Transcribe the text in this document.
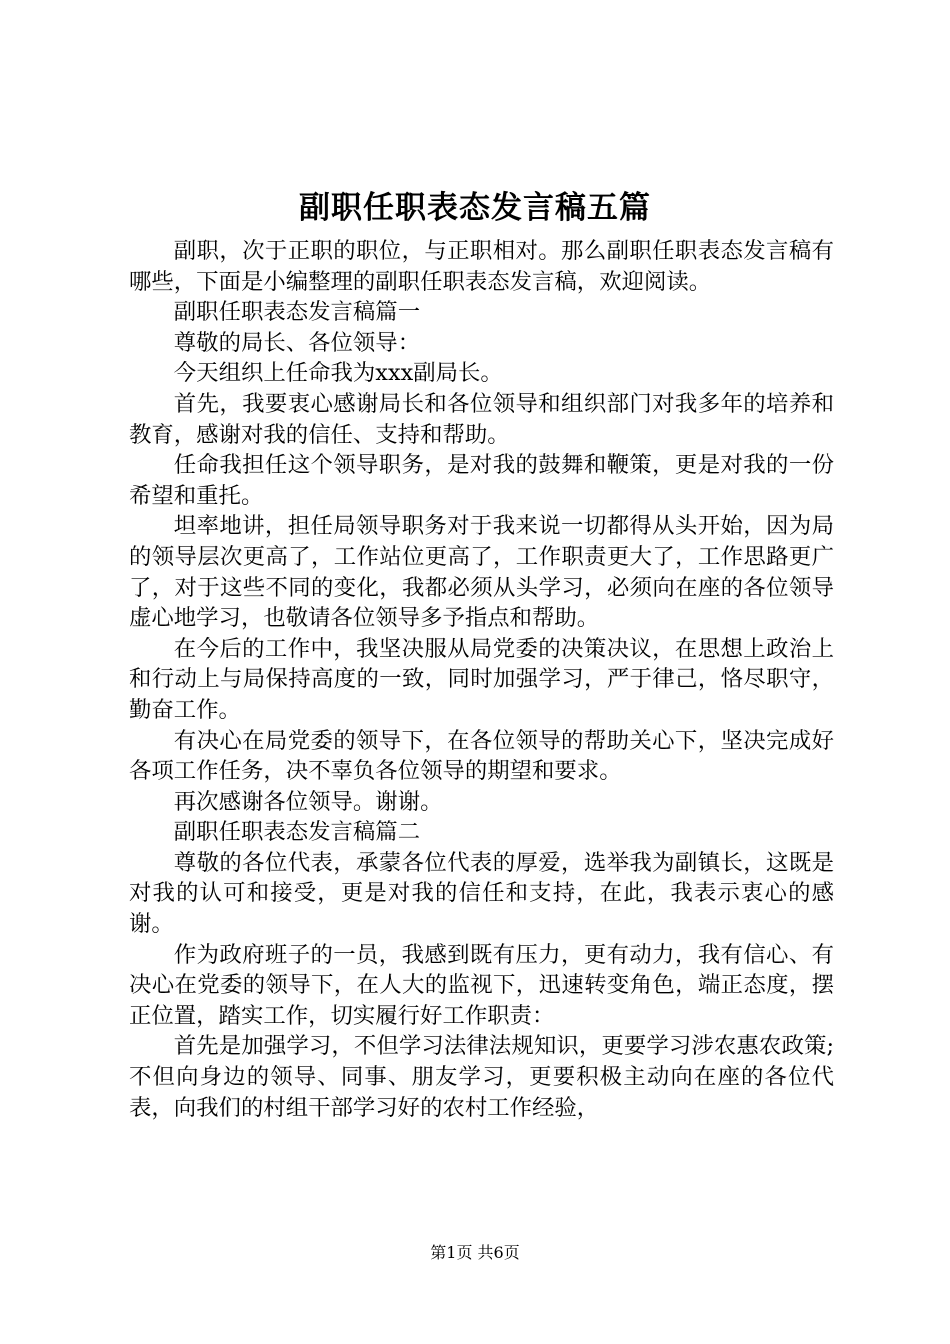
副职任职表态发言稿五篇

副职，次于正职的职位，与正职相对。那么副职任职表态发言稿有哪些，下面是小编整理的副职任职表态发言稿，欢迎阅读。

副职任职表态发言稿篇一

尊敬的局长、各位领导：

今天组织上任命我为xxx副局长。

首先，我要衷心感谢局长和各位领导和组织部门对我多年的培养和教育，感谢对我的信任、支持和帮助。

任命我担任这个领导职务，是对我的鼓舞和鞭策，更是对我的一份希望和重托。

坦率地讲，担任局领导职务对于我来说一切都得从头开始，因为局的领导层次更高了，工作站位更高了，工作职责更大了，工作思路更广了，对于这些不同的变化，我都必须从头学习，必须向在座的各位领导虚心地学习，也敬请各位领导多予指点和帮助。

在今后的工作中，我坚决服从局党委的决策决议，在思想上政治上和行动上与局保持高度的一致，同时加强学习，严于律己，恪尽职守，勤奋工作。

有决心在局党委的领导下，在各位领导的帮助关心下，坚决完成好各项工作任务，决不辜负各位领导的期望和要求。

再次感谢各位领导。谢谢。

副职任职表态发言稿篇二

尊敬的各位代表，承蒙各位代表的厚爱，选举我为副镇长，这既是对我的认可和接受，更是对我的信任和支持，在此，我表示衷心的感谢。

作为政府班子的一员，我感到既有压力，更有动力，我有信心、有决心在党委的领导下，在人大的监视下，迅速转变角色，端正态度，摆正位置，踏实工作，切实履行好工作职责：

首先是加强学习，不但学习法律法规知识，更要学习涉农惠农政策;不但向身边的领导、同事、朋友学习，更要积极主动向在座的各位代表，向我们的村组干部学习好的农村工作经验，

第1页 共6页
